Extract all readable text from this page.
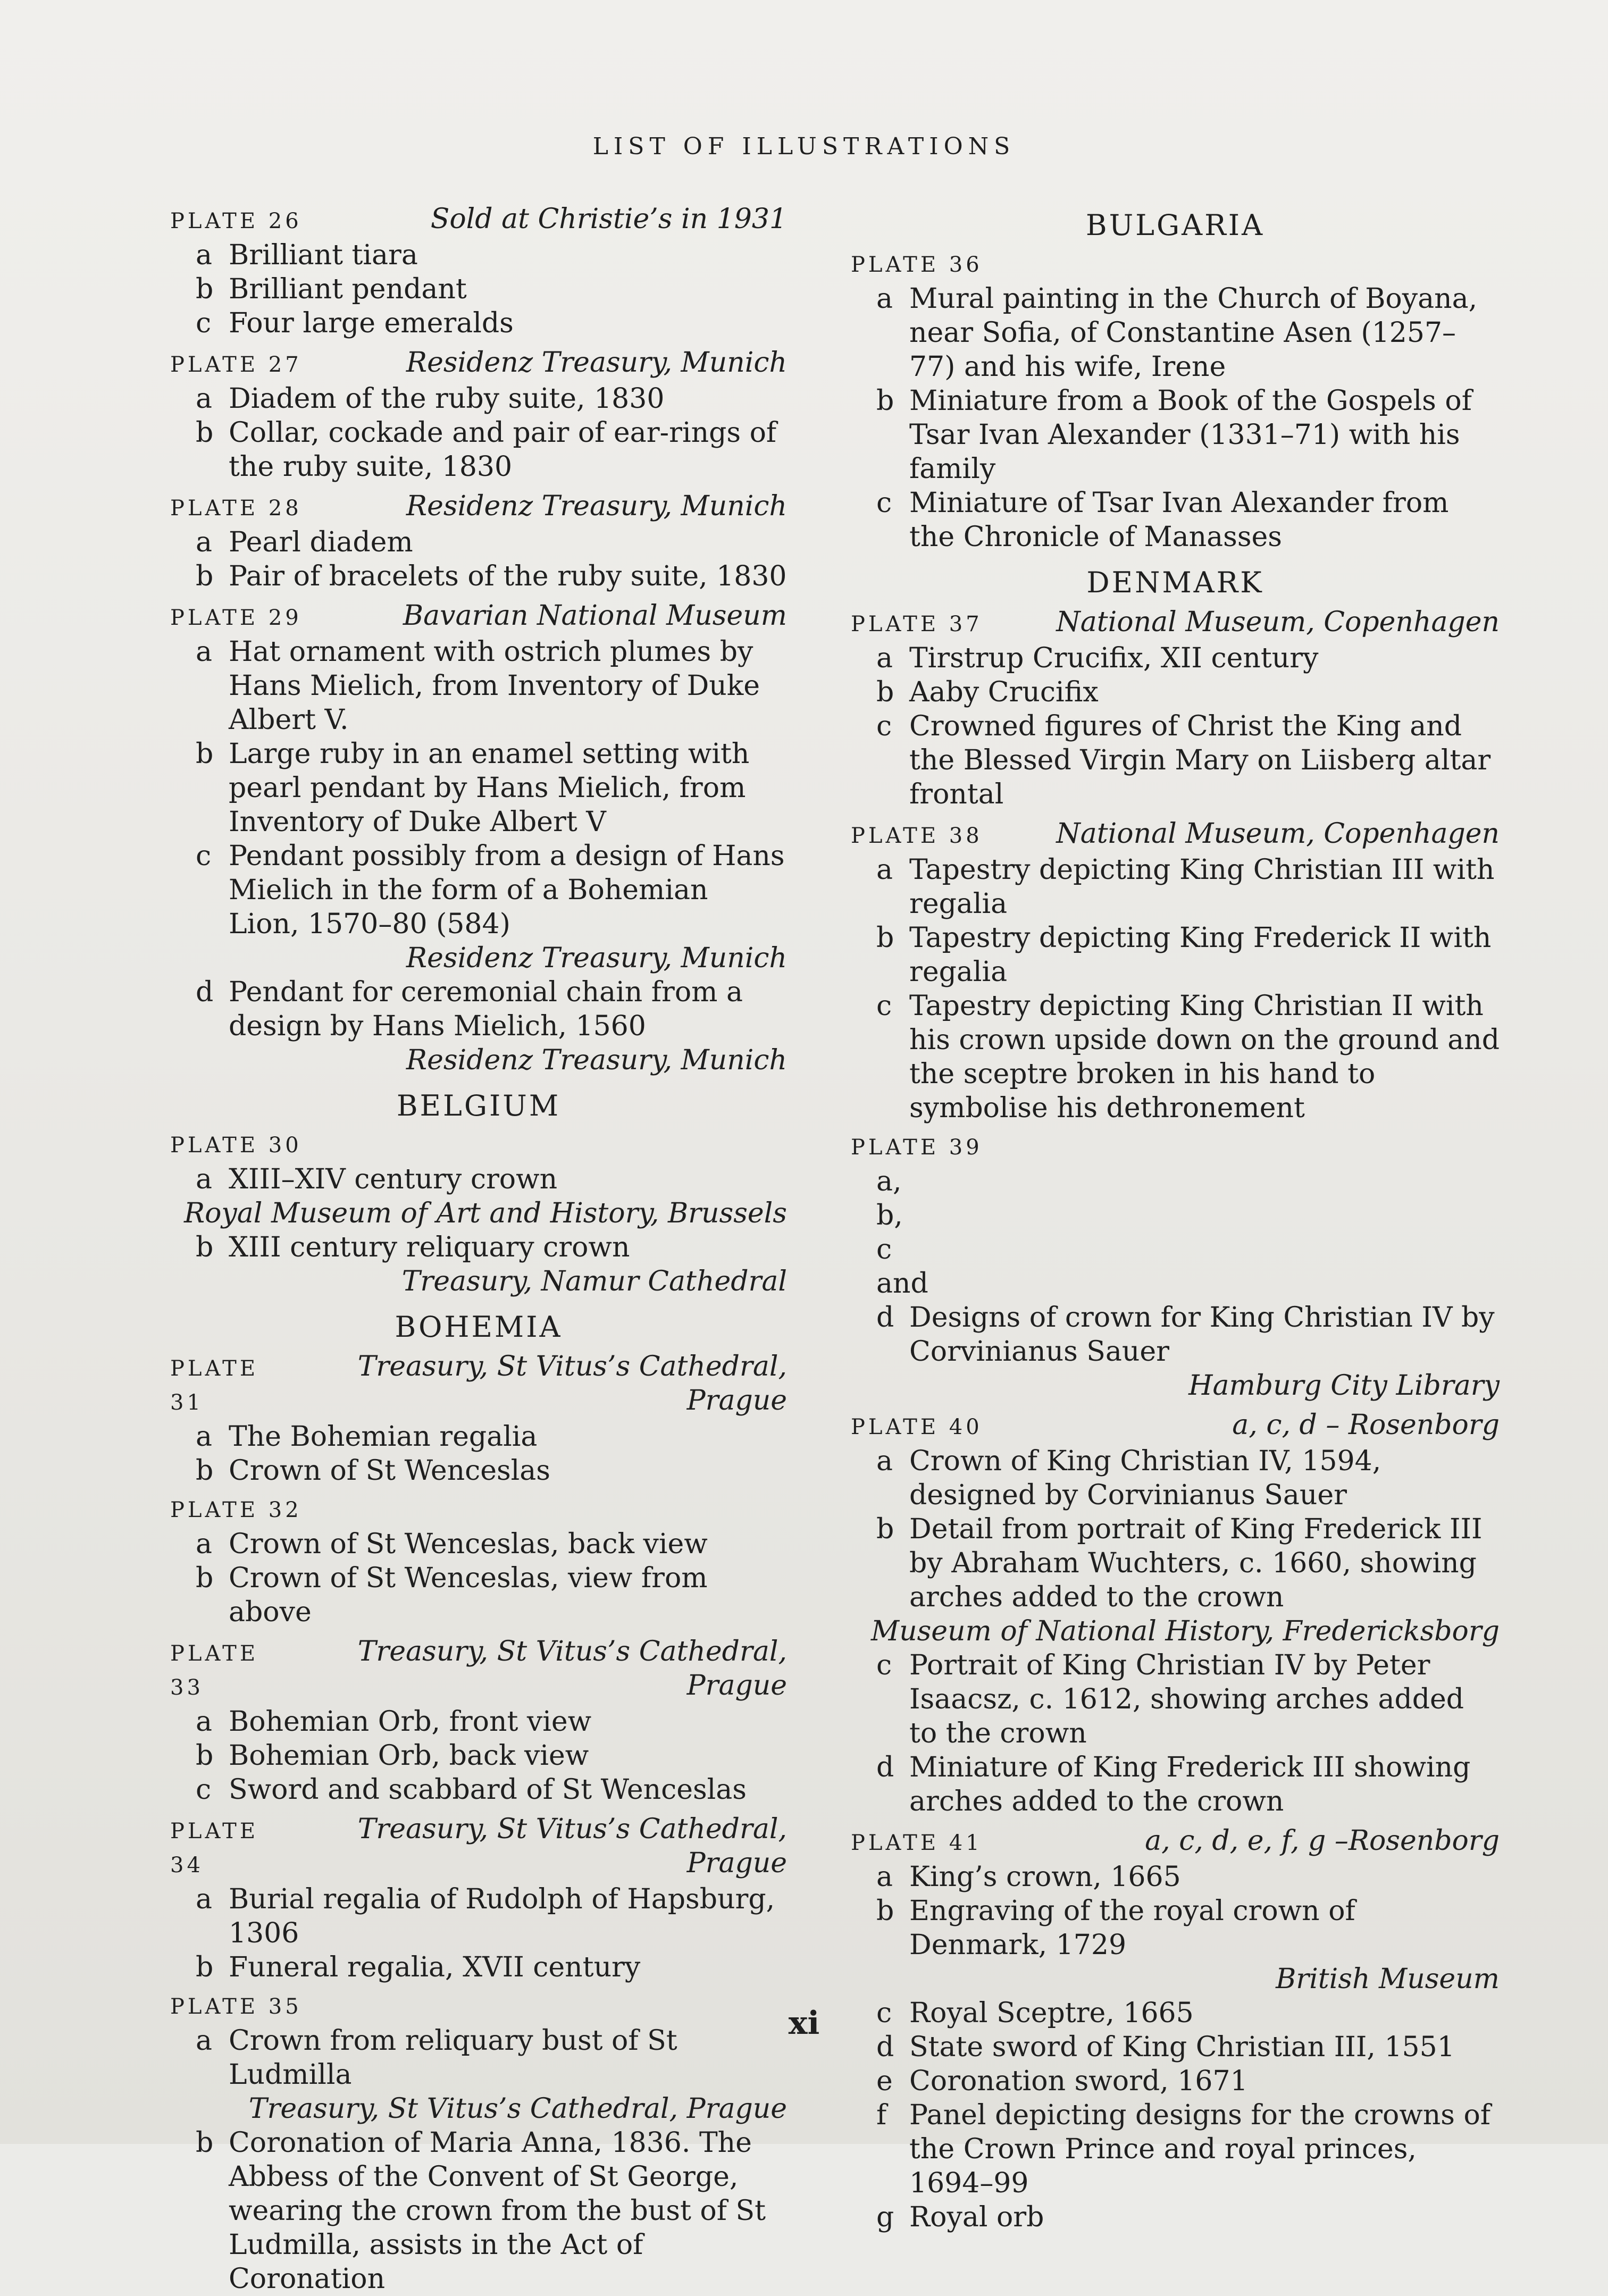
LIST OF ILLUSTRATIONS
PLATE 26	Sold at Christie’s in 1931
a Brilliant tiara
b Brilliant pendant
c Four large emeralds
PLATE 27	Residenz Treasury, Munich
a Diadem of the ruby suite, 1830
b Collar, cockade and pair of ear-rings of the ruby suite, 1830
PLATE 28	Residenz Treasury, Munich
a Pearl diadem
b Pair of bracelets of the ruby suite, 1830
PLATE 29	Bavarian National Museum
a Hat ornament with ostrich plumes by Hans Mielich, from Inventory of Duke Albert V.
b Large ruby in an enamel setting with pearl pendant by Hans Mielich, from Inventory of Duke Albert V
c Pendant possibly from a design of Hans Mielich in the form of a Bohemian Lion, 1570–80 (584)
Residenz Treasury, Munich
d Pendant for ceremonial chain from a design by Hans Mielich, 1560
Residenz Treasury, Munich
BELGIUM
PLATE 30
a XIII–XIV century crown
Royal Museum of Art and History, Brussels
b XIII century reliquary crown
Treasury, Namur Cathedral
BOHEMIA
PLATE 31
Treasury, St Vitus’s Cathedral, Prague
a The Bohemian regalia
b Crown of St Wenceslas
PLATE 32
a Crown of St Wenceslas, back view
b Crown of St Wenceslas, view from above
PLATE 33
Treasury, St Vitus’s Cathedral, Prague
a Bohemian Orb, front view
b Bohemian Orb, back view
c Sword and scabbard of St Wenceslas
PLATE 34
Treasury, St Vitus’s Cathedral, Prague
a Burial regalia of Rudolph of Hapsburg, 1306
b Funeral regalia, XVII century
PLATE 35
a Crown from reliquary bust of St Ludmilla
Treasury, St Vitus’s Cathedral, Prague
b Coronation of Maria Anna, 1836. The Abbess of the Convent of St George, wearing the crown from the bust of St Ludmilla, assists in the Act of Coronation
BULGARIA
PLATE 36
a Mural painting in the Church of Boyana, near Sofia, of Constantine Asen (1257–77) and his wife, Irene
b Miniature from a Book of the Gospels of Tsar Ivan Alexander (1331–71) with his family
c Miniature of Tsar Ivan Alexander from the Chronicle of Manasses
DENMARK
PLATE 37	National Museum, Copenhagen
a Tirstrup Crucifix, XII century
b Aaby Crucifix
c Crowned figures of Christ the King and the Blessed Virgin Mary on Liisberg altar frontal
PLATE 38	National Museum, Copenhagen
a Tapestry depicting King Christian III with regalia
b Tapestry depicting King Frederick II with regalia
c Tapestry depicting King Christian II with his crown upside down on the ground and the sceptre broken in his hand to symbolise his dethronement
PLATE 39
a, b, c and d Designs of crown for King Christian IV by Corvinianus Sauer
Hamburg City Library
PLATE 40	a, c, d – Rosenborg
a Crown of King Christian IV, 1594, designed by Corvinianus Sauer
b Detail from portrait of King Frederick III by Abraham Wuchters, c. 1660, showing arches added to the crown
Museum of National History, Fredericksborg
c Portrait of King Christian IV by Peter Isaacsz, c. 1612, showing arches added to the crown
d Miniature of King Frederick III showing arches added to the crown
PLATE 41	a, c, d, e, f, g –Rosenborg
a King’s crown, 1665
b Engraving of the royal crown of Denmark, 1729
British Museum
c Royal Sceptre, 1665
d State sword of King Christian III, 1551
e Coronation sword, 1671
f Panel depicting designs for the crowns of the Crown Prince and royal princes, 1694–99
g Royal orb
xi
